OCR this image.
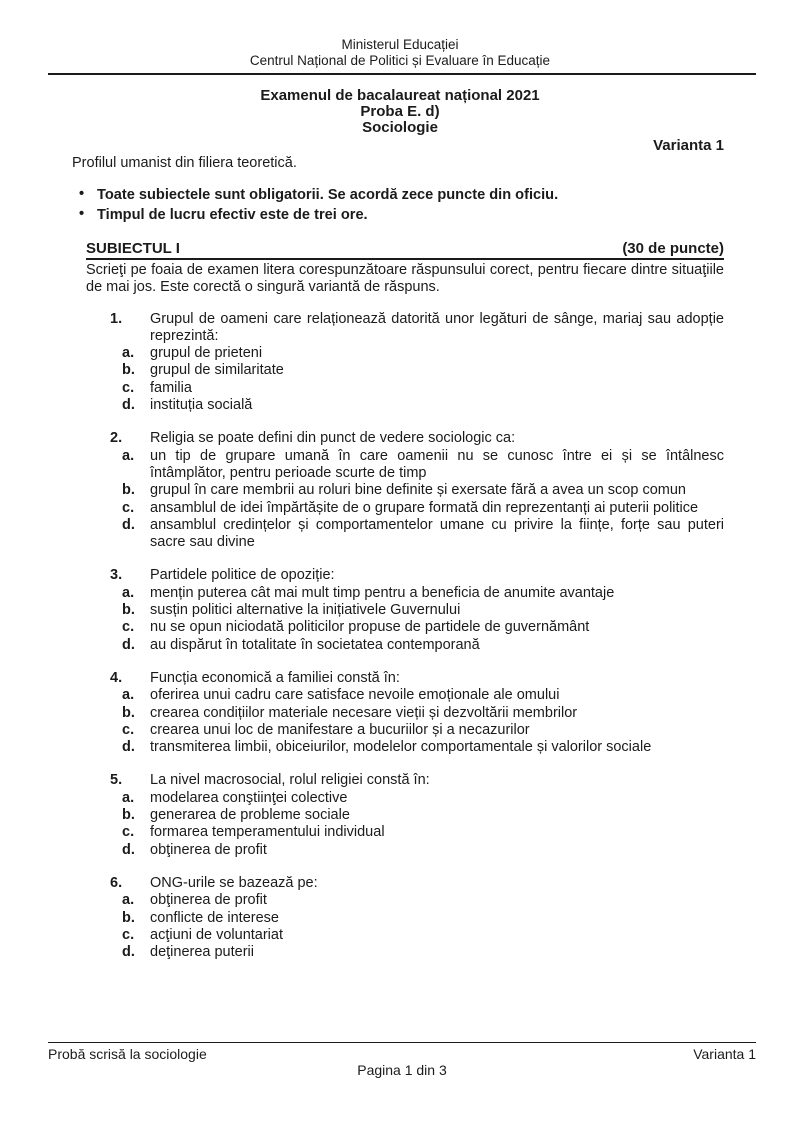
Ministerul Educației
Centrul Național de Politici și Evaluare în Educație
Examenul de bacalaureat național 2021
Proba E. d)
Sociologie
Varianta 1
Profilul umanist din filiera teoretică.
• Toate subiectele sunt obligatorii. Se acordă zece puncte din oficiu.
• Timpul de lucru efectiv este de trei ore.
SUBIECTUL I	(30 de puncte)

Scrieţi pe foaia de examen litera corespunzătoare răspunsului corect, pentru fiecare dintre situaţiile de mai jos. Este corectă o singură variantă de răspuns.

1.	Grupul de oameni care relaționează datorită unor legături de sânge, mariaj sau adopție reprezintă:

a.	grupul de prieteni

b.	grupul de similaritate

c.	familia

d.	instituția socială

2.	Religia se poate defini din punct de vedere sociologic ca:

a.	un tip de grupare umană în care oamenii nu se cunosc între ei și se întâlnesc întâmplător, pentru perioade scurte de timp

b.	grupul în care membrii au roluri bine definite și exersate fără a avea un scop comun

c.	ansamblul de idei împărtășite de o grupare formată din reprezentanți ai puterii politice

d.	ansamblul credințelor și comportamentelor umane cu privire la ființe, forțe sau puteri sacre sau divine

3.	Partidele politice de opoziție:

a.	mențin puterea cât mai mult timp pentru a beneficia de anumite avantaje

b.	susțin politici alternative la inițiativele Guvernului

c.	nu se opun niciodată politicilor propuse de partidele de guvernământ

d.	au dispărut în totalitate în societatea contemporană

4.	Funcția economică a familiei constă în:

a.	oferirea unui cadru care satisface nevoile emoționale ale omului

b.	crearea condițiilor materiale necesare vieții și dezvoltării membrilor

c.	crearea unui loc de manifestare a bucuriilor și a necazurilor

d.	transmiterea limbii, obiceiurilor, modelelor comportamentale și valorilor sociale

5.	La nivel macrosocial, rolul religiei constă în:

a.	modelarea conştiinţei colective

b.	generarea de probleme sociale

c.	formarea temperamentului individual

d.	obţinerea de profit

6.	ONG-urile se bazează pe:

a.	obţinerea de profit

b.	conflicte de interese

c.	acţiuni de voluntariat

d.	deţinerea puterii

Probă scrisă la sociologie	Varianta 1
Pagina 1 din 3
